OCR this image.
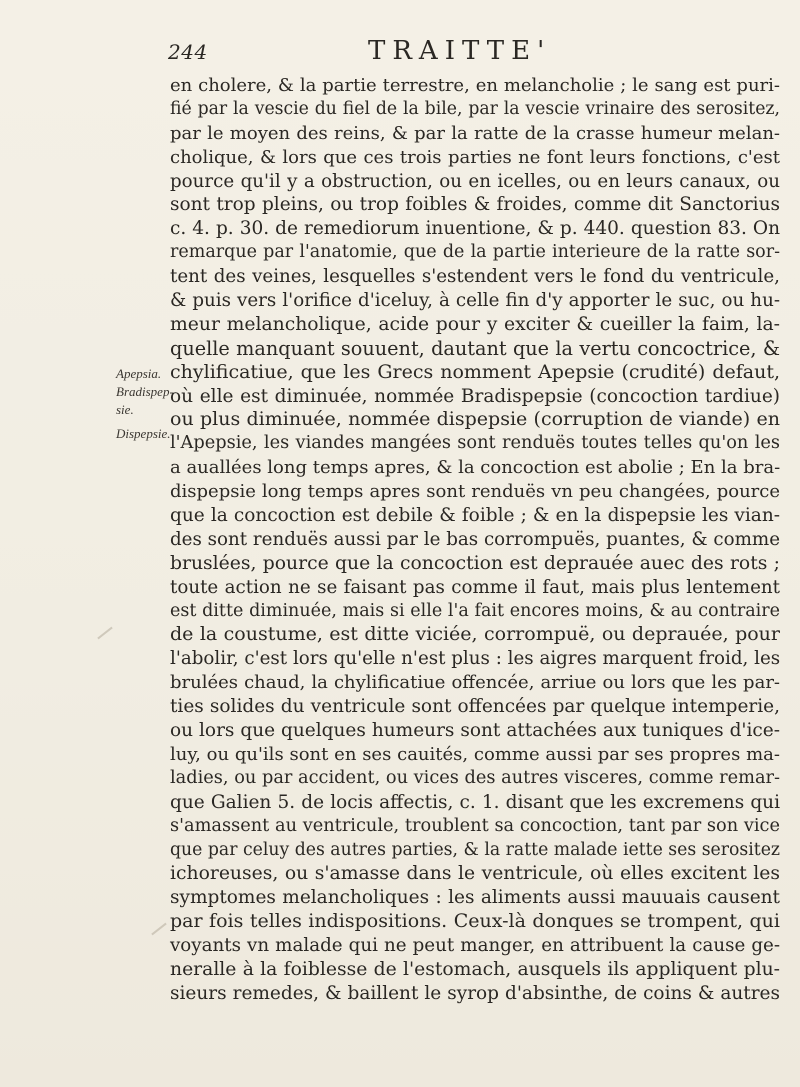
244	TRAITTE'
Apepsia.
Bradispep-
sie.
Dispepsie.
en cholere, & la partie terrestre, en melancholie ; le sang est puri-
fié par la vescie du fiel de la bile, par la vescie vrinaire des serositez,
par le moyen des reins, & par la ratte de la crasse humeur melan-
cholique, & lors que ces trois parties ne font leurs fonctions, c'est
pource qu'il y a obstruction, ou en icelles, ou en leurs canaux, ou
sont trop pleins, ou trop foibles & froides, comme dit Sanctorius
c. 4. p. 30. de remediorum inuentione, & p. 440. question 83. On
remarque par l'anatomie, que de la partie interieure de la ratte sor-
tent des veines, lesquelles s'estendent vers le fond du ventricule,
& puis vers l'orifice d'iceluy, à celle fin d'y apporter le suc, ou hu-
meur melancholique, acide pour y exciter & cueiller la faim, la-
quelle manquant souuent, dautant que la vertu concoctrice, &
chylificatiue, que les Grecs nomment Apepsie (crudité) defaut,
où elle est diminuée, nommée Bradispepsie (concoction tardiue)
ou plus diminuée, nommée dispepsie (corruption de viande) en
l'Apepsie, les viandes mangées sont renduës toutes telles qu'on les
a auallées long temps apres, & la concoction est abolie ; En la bra-
dispepsie long temps apres sont renduës vn peu changées, pource
que la concoction est debile & foible ; & en la dispepsie les vian-
des sont renduës aussi par le bas corrompuës, puantes, & comme
bruslées, pource que la concoction est deprauée auec des rots ;
toute action ne se faisant pas comme il faut, mais plus lentement
est ditte diminuée, mais si elle l'a fait encores moins, & au contraire
de la coustume, est ditte viciée, corrompuë, ou deprauée, pour
l'abolir, c'est lors qu'elle n'est plus : les aigres marquent froid, les
brulées chaud, la chylificatiue offencée, arriue ou lors que les par-
ties solides du ventricule sont offencées par quelque intemperie,
ou lors que quelques humeurs sont attachées aux tuniques d'ice-
luy, ou qu'ils sont en ses cauités, comme aussi par ses propres ma-
ladies, ou par accident, ou vices des autres visceres, comme remar-
que Galien 5. de locis affectis, c. 1. disant que les excremens qui
s'amassent au ventricule, troublent sa concoction, tant par son vice
que par celuy des autres parties, & la ratte malade iette ses serositez
ichoreuses, ou s'amasse dans le ventricule, où elles excitent les
symptomes melancholiques : les aliments aussi mauuais causent
par fois telles indispositions. Ceux-là donques se trompent, qui
voyants vn malade qui ne peut manger, en attribuent la cause ge-
neralle à la foiblesse de l'estomach, ausquels ils appliquent plu-
sieurs remedes, & baillent le syrop d'absinthe, de coins & autres
